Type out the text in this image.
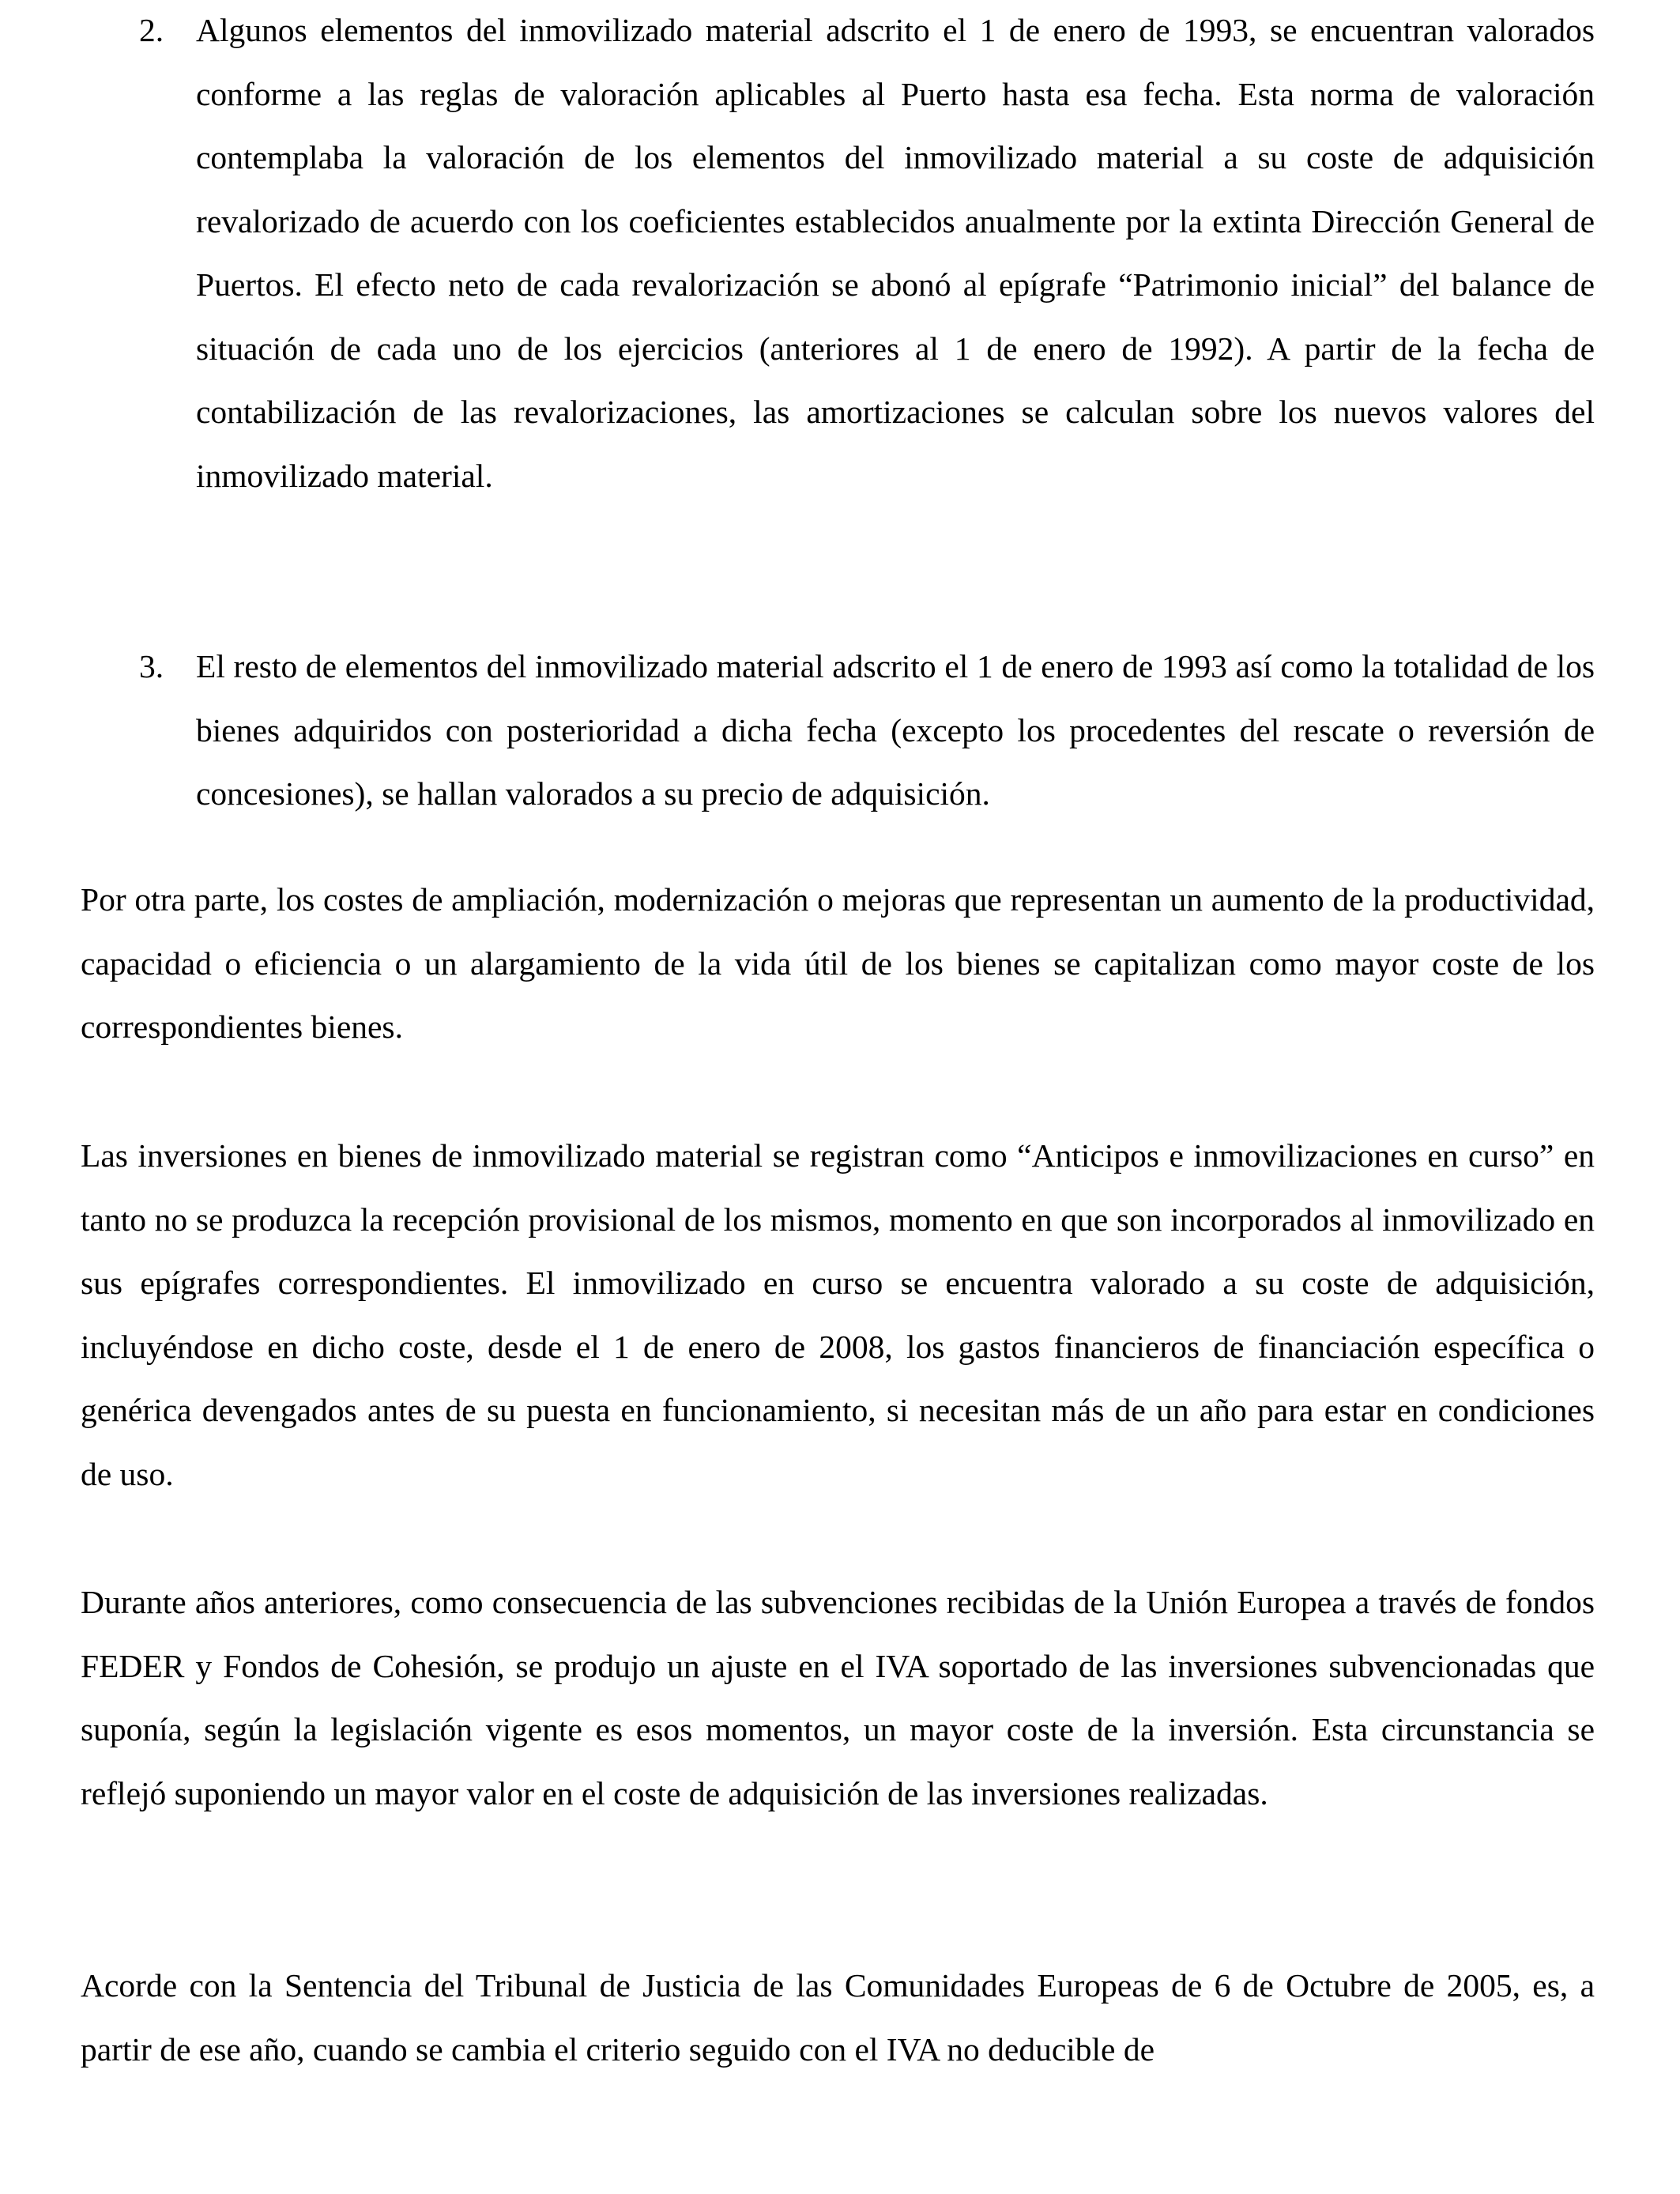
2. Algunos elementos del inmovilizado material adscrito el 1 de enero de 1993, se encuentran valorados conforme a las reglas de valoración aplicables al Puerto hasta esa fecha. Esta norma de valoración contemplaba la valoración de los elementos del inmovilizado material a su coste de adquisición revalorizado de acuerdo con los coeficientes establecidos anualmente por la extinta Dirección General de Puertos. El efecto neto de cada revalorización se abonó al epígrafe “Patrimonio inicial” del balance de situación de cada uno de los ejercicios (anteriores al 1 de enero de 1992). A partir de la fecha de contabilización de las revalorizaciones, las amortizaciones se calculan sobre los nuevos valores del inmovilizado material.

3. El resto de elementos del inmovilizado material adscrito el 1 de enero de 1993 así como la totalidad de los bienes adquiridos con posterioridad a dicha fecha (excepto los procedentes del rescate o reversión de concesiones), se hallan valorados a su precio de adquisición.

Por otra parte, los costes de ampliación, modernización o mejoras que representan un aumento de la productividad, capacidad o eficiencia o un alargamiento de la vida útil de los bienes se capitalizan como mayor coste de los correspondientes bienes.

Las inversiones en bienes de inmovilizado material se registran como “Anticipos e inmovilizaciones en curso” en tanto no se produzca la recepción provisional de los mismos, momento en que son incorporados al inmovilizado en sus epígrafes correspondientes. El inmovilizado en curso se encuentra valorado a su coste de adquisición, incluyéndose en dicho coste, desde el 1 de enero de 2008, los gastos financieros de financiación específica o genérica devengados antes de su puesta en funcionamiento, si necesitan más de un año para estar en condiciones de uso.

Durante años anteriores, como consecuencia de las subvenciones recibidas de la Unión Europea a través de fondos FEDER y Fondos de Cohesión, se produjo un ajuste en el IVA soportado de las inversiones subvencionadas que suponía, según la legislación vigente es esos momentos, un mayor coste de la inversión. Esta circunstancia se reflejó suponiendo un mayor valor en el coste de adquisición de las inversiones realizadas.

Acorde con la Sentencia del Tribunal de Justicia de las Comunidades Europeas de 6 de Octubre de 2005, es, a partir de ese año, cuando se cambia el criterio seguido con el IVA no deducible de
